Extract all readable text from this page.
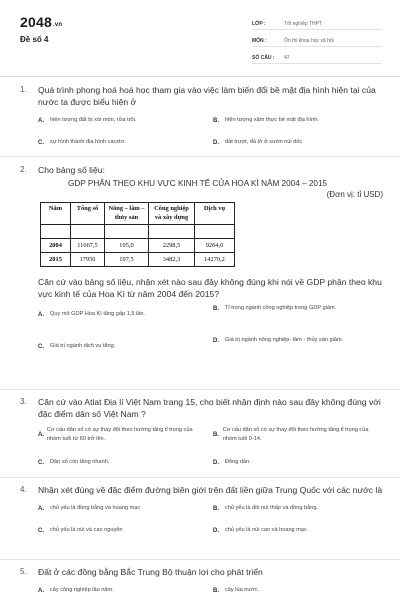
2048.vn
Đề số 4
LỚP :	Tốt nghiệp THPT
MÔN :	Ôn thi khoa học xã hội
SỐ CÂU :	47
1.	Quá trình phong hoá hoá học tham gia vào việc làm biến đổi bề mặt địa hình hiện tại của nước ta được biểu hiện ở
A.	hiện tượng đất bị xói mòn, rửa trôi.	B.	hiện tượng xâm thực bề mặt địa hình.
C.	sự hình thành địa hình cacxtơ.	D.	đất trượt, đá lở ở sườn núi dốc
2.	Cho bảng số liệu:
GDP PHÂN THEO KHU VỰC KINH TẾ CỦA HOA KÌ NĂM 2004 – 2015
(Đơn vị: tỉ USD)
Năm	Tổng số	Nông – lâm – thủy sản	Công nghiệp và xây dựng	Dịch vụ

2004	11667,5	105,0	2298,5	9264,0
2015	17950	197,5	3482,3	14270,2
Căn cứ vào bảng số liệu, nhận xét nào sau đây không đúng khi nói về GDP phân theo khu vực kinh tế của Hoa Kì từ năm 2004 đến 2015?
A.	Quy mô GDP Hoa Kì tăng gấp 1,5 lần.
B.	Tỉ trọng ngành công nghiệp trong GDP giảm.
C.	Giá trị ngành dịch vụ tăng.
D.	Giá trị ngành nông nghiệp- lâm - thủy sản giảm.
3.	Căn cứ vào Atlat Địa lí Việt Nam trang 15, cho biết nhận định nào sau đây không đúng với đặc điểm dân số Việt Nam ?
A.
Cơ cấu dân số có sự thay đổi theo hướng tăng tỉ trọng của nhóm tuổi từ 60 trở lên.
B.
Cơ cấu dân số có sự thay đổi theo hướng tăng tỉ trọng của nhóm tuổi 0-14.
C.	Dân số còn tăng nhanh.	D.	Đông dân.
4.	Nhận xét đúng về đặc điểm đường biên giới trên đất liền giữa Trung Quốc với các nước là
A.	chủ yếu là đồng bằng và hoang mạc	B.	chủ yếu là đồi núi thấp và đồng bằng.
C.	chủ yếu là núi và cao nguyên	D.	chủ yếu là núi cao và hoang mạc
5.	Đất ở các đồng bằng Bắc Trung Bộ thuận lợi cho phát triển
A.	cây công nghiệp lâu năm.	B.	cây lúa nước.
